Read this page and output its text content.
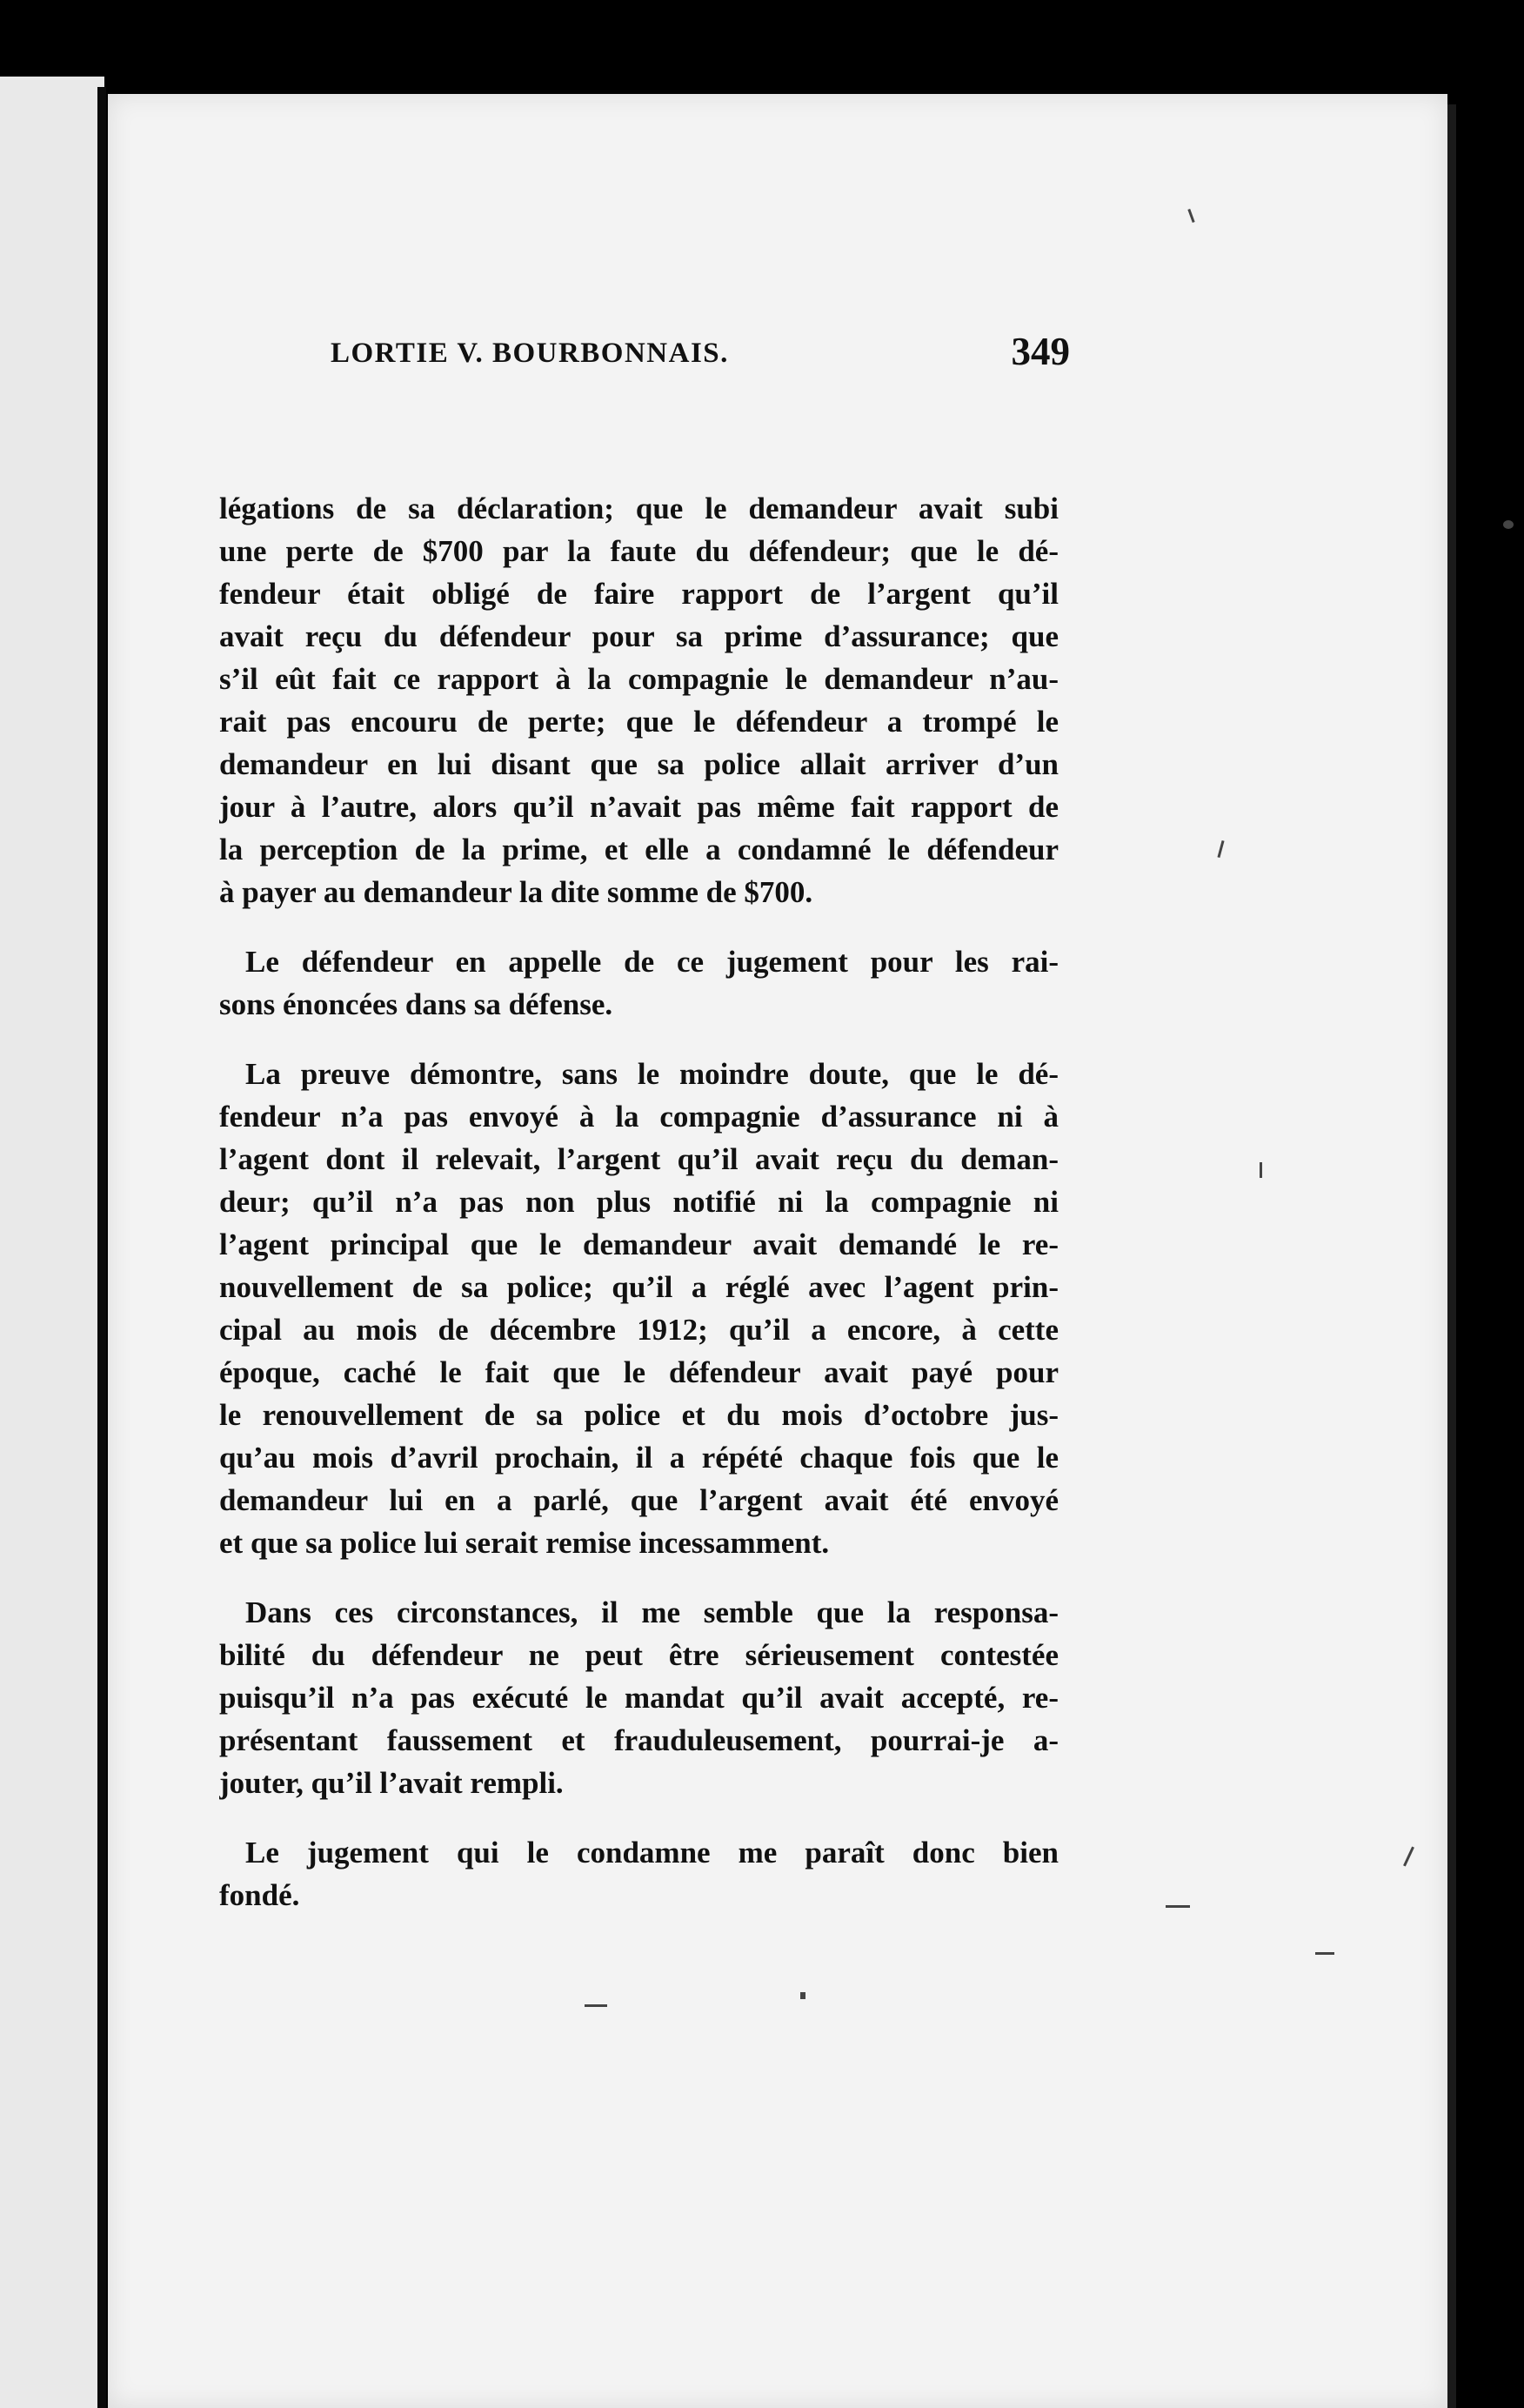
LORTIE V. BOURBONNAIS.	349
légations de sa déclaration; que le demandeur avait subi
une perte de $700 par la faute du défendeur; que le dé-
fendeur était obligé de faire rapport de l’argent qu’il
avait reçu du défendeur pour sa prime d’assurance; que
s’il eût fait ce rapport à la compagnie le demandeur n’au-
rait pas encouru de perte; que le défendeur a trompé le
demandeur en lui disant que sa police allait arriver d’un
jour à l’autre, alors qu’il n’avait pas même fait rapport de
la perception de la prime, et elle a condamné le défendeur
à payer au demandeur la dite somme de $700.
Le défendeur en appelle de ce jugement pour les rai-
sons énoncées dans sa défense.
La preuve démontre, sans le moindre doute, que le dé-
fendeur n’a pas envoyé à la compagnie d’assurance ni à
l’agent dont il relevait, l’argent qu’il avait reçu du deman-
deur; qu’il n’a pas non plus notifié ni la compagnie ni
l’agent principal que le demandeur avait demandé le re-
nouvellement de sa police; qu’il a réglé avec l’agent prin-
cipal au mois de décembre 1912; qu’il a encore, à cette
époque, caché le fait que le défendeur avait payé pour
le renouvellement de sa police et du mois d’octobre jus-
qu’au mois d’avril prochain, il a répété chaque fois que le
demandeur lui en a parlé, que l’argent avait été envoyé
et que sa police lui serait remise incessamment.
Dans ces circonstances, il me semble que la responsa-
bilité du défendeur ne peut être sérieusement contestée
puisqu’il n’a pas exécuté le mandat qu’il avait accepté, re-
présentant faussement et frauduleusement, pourrai-je a-
jouter, qu’il l’avait rempli.
Le jugement qui le condamne me paraît donc bien
fondé.
